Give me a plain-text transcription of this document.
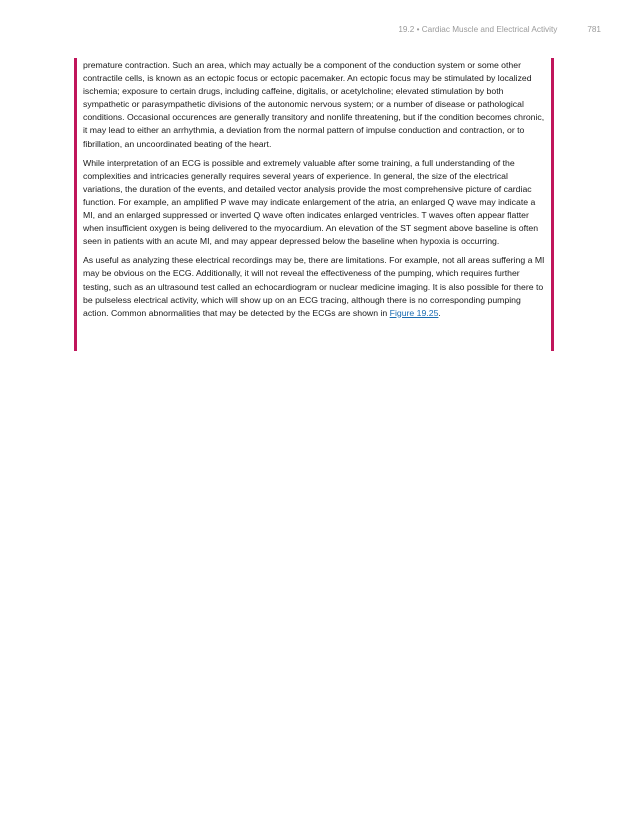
19.2 • Cardiac Muscle and Electrical Activity	781

premature contraction. Such an area, which may actually be a component of the conduction system or some other contractile cells, is known as an ectopic focus or ectopic pacemaker. An ectopic focus may be stimulated by localized ischemia; exposure to certain drugs, including caffeine, digitalis, or acetylcholine; elevated stimulation by both sympathetic or parasympathetic divisions of the autonomic nervous system; or a number of disease or pathological conditions. Occasional occurences are generally transitory and nonlife threatening, but if the condition becomes chronic, it may lead to either an arrhythmia, a deviation from the normal pattern of impulse conduction and contraction, or to fibrillation, an uncoordinated beating of the heart.

While interpretation of an ECG is possible and extremely valuable after some training, a full understanding of the complexities and intricacies generally requires several years of experience. In general, the size of the electrical variations, the duration of the events, and detailed vector analysis provide the most comprehensive picture of cardiac function. For example, an amplified P wave may indicate enlargement of the atria, an enlarged Q wave may indicate a MI, and an enlarged suppressed or inverted Q wave often indicates enlarged ventricles. T waves often appear flatter when insufficient oxygen is being delivered to the myocardium. An elevation of the ST segment above baseline is often seen in patients with an acute MI, and may appear depressed below the baseline when hypoxia is occurring.

As useful as analyzing these electrical recordings may be, there are limitations. For example, not all areas suffering a MI may be obvious on the ECG. Additionally, it will not reveal the effectiveness of the pumping, which requires further testing, such as an ultrasound test called an echocardiogram or nuclear medicine imaging. It is also possible for there to be pulseless electrical activity, which will show up on an ECG tracing, although there is no corresponding pumping action. Common abnormalities that may be detected by the ECGs are shown in Figure 19.25.
